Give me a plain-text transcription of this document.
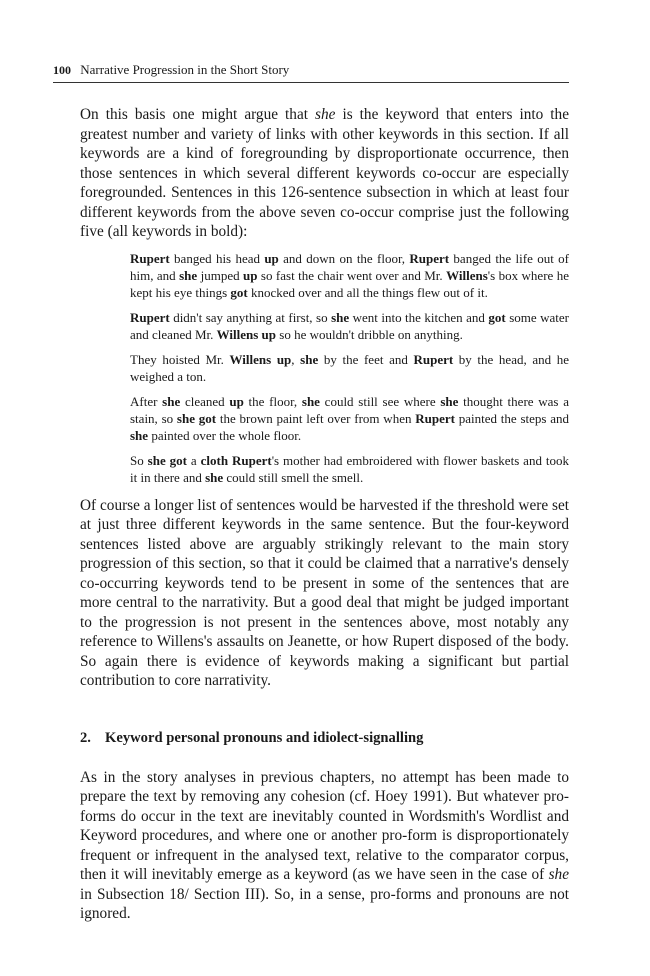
100 Narrative Progression in the Short Story

On this basis one might argue that she is the keyword that enters into the greatest number and variety of links with other keywords in this section. If all keywords are a kind of foregrounding by disproportionate occurrence, then those sentences in which several different keywords co-occur are especially foregrounded. Sentences in this 126-sentence subsection in which at least four different keywords from the above seven co-occur comprise just the following five (all keywords in bold):

Rupert banged his head up and down on the floor, Rupert banged the life out of him, and she jumped up so fast the chair went over and Mr. Willens's box where he kept his eye things got knocked over and all the things flew out of it.

Rupert didn't say anything at first, so she went into the kitchen and got some water and cleaned Mr. Willens up so he wouldn't dribble on anything.

They hoisted Mr. Willens up, she by the feet and Rupert by the head, and he weighed a ton.

After she cleaned up the floor, she could still see where she thought there was a stain, so she got the brown paint left over from when Rupert painted the steps and she painted over the whole floor.

So she got a cloth Rupert's mother had embroidered with flower baskets and took it in there and she could still smell the smell.

Of course a longer list of sentences would be harvested if the threshold were set at just three different keywords in the same sentence. But the four-keyword sentences listed above are arguably strikingly relevant to the main story progression of this section, so that it could be claimed that a narrative's densely co-occurring keywords tend to be present in some of the sentences that are more central to the narrativity. But a good deal that might be judged important to the progression is not present in the sentences above, most notably any reference to Willens's assaults on Jeanette, or how Rupert disposed of the body. So again there is evidence of keywords making a significant but partial contribution to core narrativity.

2. Keyword personal pronouns and idiolect-signalling

As in the story analyses in previous chapters, no attempt has been made to prepare the text by removing any cohesion (cf. Hoey 1991). But whatever pro-forms do occur in the text are inevitably counted in Wordsmith's Wordlist and Keyword procedures, and where one or another pro-form is disproportionately frequent or infrequent in the analysed text, relative to the comparator corpus, then it will inevitably emerge as a keyword (as we have seen in the case of she in Subsection 18/ Section III). So, in a sense, pro-forms and pronouns are not ignored.
